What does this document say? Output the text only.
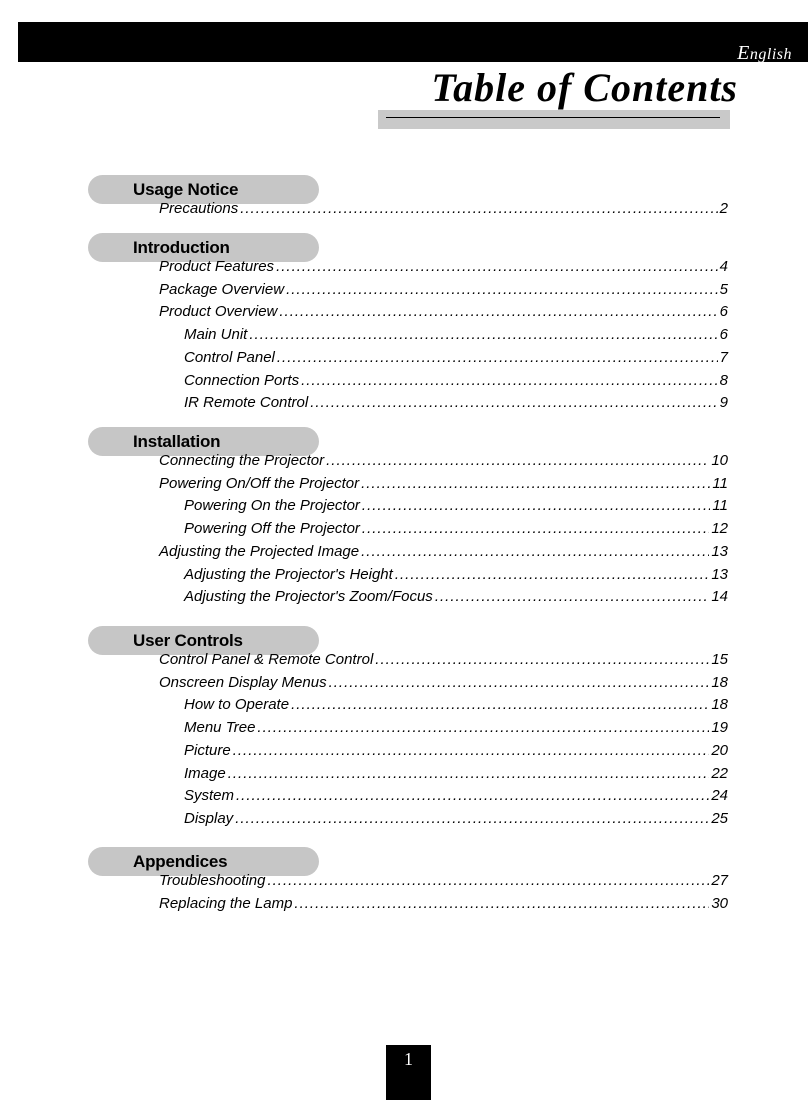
English
Table of Contents
Usage Notice
Precautions .....	2
Introduction
Product Features .....	4
Package Overview .....	5
Product Overview .....	6
Main Unit .....	6
Control Panel .....	7
Connection Ports .....	8
IR Remote Control .....	9
Installation
Connecting the Projector .....	10
Powering On/Off the Projector .....	11
Powering On the Projector .....	11
Powering Off the Projector .....	12
Adjusting the Projected Image .....	13
Adjusting the Projector's Height .....	13
Adjusting the Projector's Zoom/Focus .....	14
User Controls
Control Panel & Remote Control .....	15
Onscreen Display Menus .....	18
How to Operate .....	18
Menu Tree .....	19
Picture .....	20
Image .....	22
System .....	24
Display .....	25
Appendices
Troubleshooting .....	27
Replacing the Lamp .....	30
1
